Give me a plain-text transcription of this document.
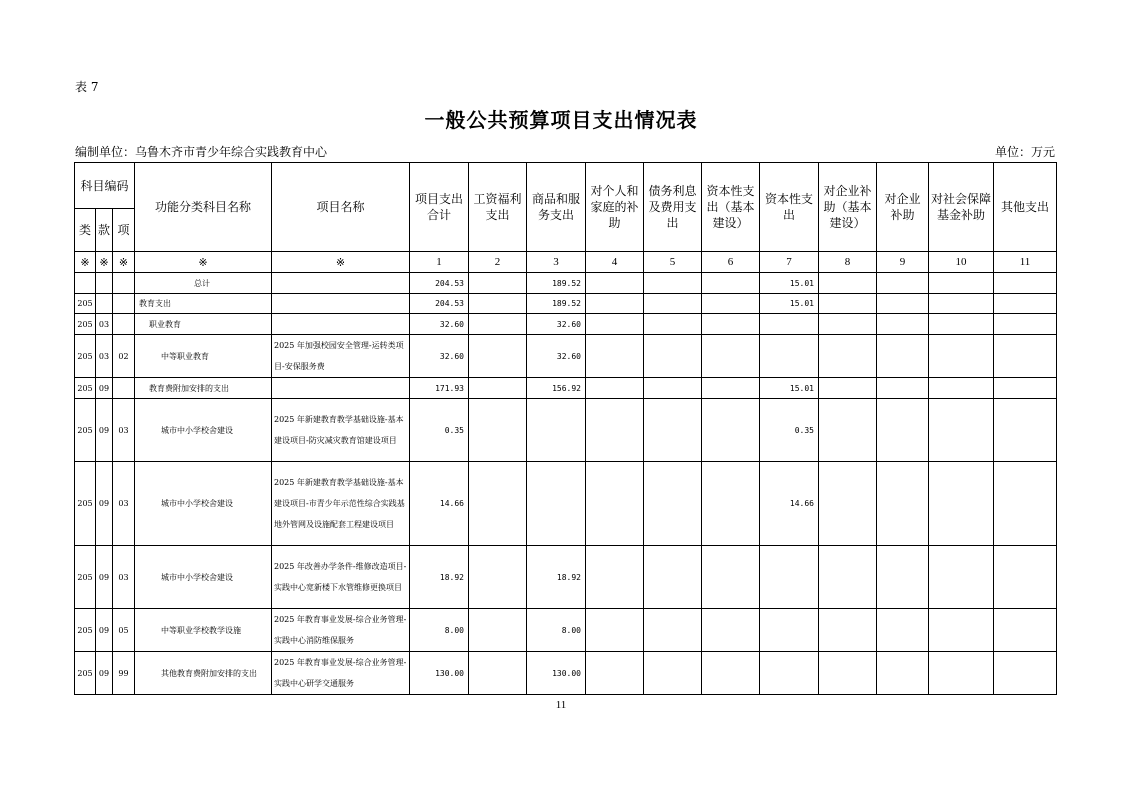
表 7
一般公共预算项目支出情况表
编制单位：乌鲁木齐市青少年综合实践教育中心	单位：万元
科目编码			功能分类科目名称	项目名称	项目支出合计	工资福利支出	商品和服务支出	对个人和家庭的补助	债务利息及费用支出	资本性支出（基本建设）	资本性支出	对企业补助（基本建设）	对企业补助	对社会保障基金补助	其他支出
类	款	项													
※	※	※	※	※	1	2	3	4	5	6	7	8	9	10	11
			总计		204.53		189.52				15.01				
205			教育支出		204.53		189.52				15.01				
205	03		职业教育		32.60		32.60								
205	03	02	中等职业教育	2025 年加强校园安全管理-运转类项目-安保服务费	32.60		32.60								
205	09		教育费附加安排的支出		171.93		156.92				15.01				
205	09	03	城市中小学校舍建设	2025 年新建教育教学基础设施-基本建设项目-防灾减灾教育馆建设项目	0.35						0.35				
205	09	03	城市中小学校舍建设	2025 年新建教育教学基础设施-基本建设项目-市青少年示范性综合实践基地外管网及设施配套工程建设项目	14.66						14.66				
205	09	03	城市中小学校舍建设	2025 年改善办学条件-维修改造项目-实践中心宽新楼下水管维修更换项目	18.92		18.92								
205	09	05	中等职业学校教学设施	2025 年教育事业发展-综合业务管理-实践中心消防维保服务	8.00		8.00								
205	09	99	其他教育费附加安排的支出	2025 年教育事业发展-综合业务管理-实践中心研学交通服务	130.00		130.00								
11
